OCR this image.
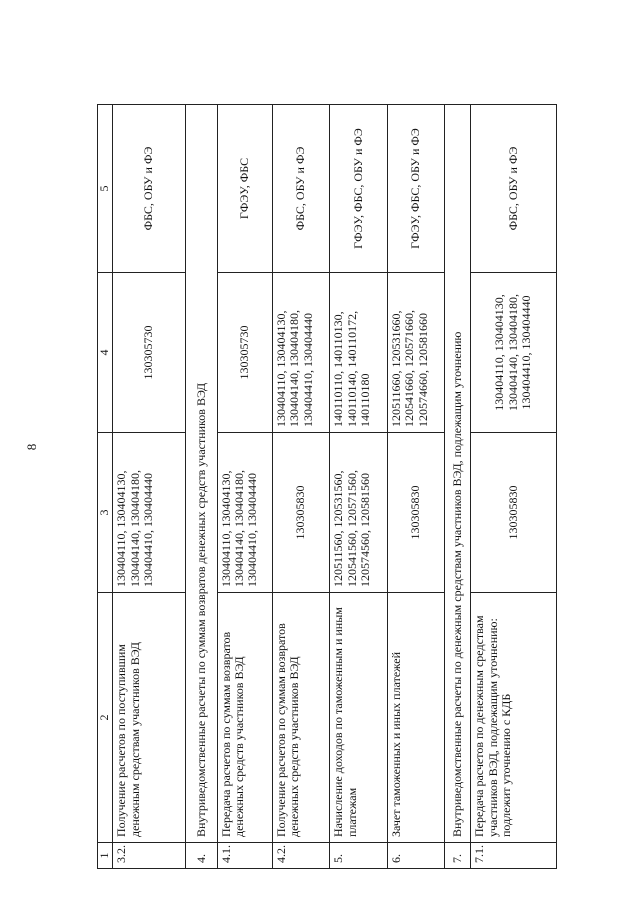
8
1	2	3	4	5
3.2.	Получение расчетов по поступившим денежным средствам участников ВЭД	130404110, 130404130, 130404140, 130404180, 130404410, 130404440	130305730	ФБС, ОБУ и ФЭ
4.	Внутриведомственные расчеты по суммам возвратов денежных средств участников ВЭД			
4.1.	Передача расчетов по суммам возвратов денежных средств участников ВЭД	130404110, 130404130, 130404140, 130404180, 130404410, 130404440	130305730	ГФЭУ, ФБС
4.2.	Получение расчетов по суммам возвратов денежных средств участников ВЭД	130305830	130404110, 130404130, 130404140, 130404180, 130404410, 130404440	ФБС, ОБУ и ФЭ
5.	Начисление доходов по таможенным и иным платежам	120511560, 120531560, 120541560, 120571560, 120574560, 120581560	140110110, 140110130, 140110140, 140110172, 140110180	ГФЭУ, ФБС, ОБУ и ФЭ
6.	Зачет таможенных и иных платежей	130305830	120511660, 120531660, 120541660, 120571660, 120574660, 120581660	ГФЭУ, ФБС, ОБУ и ФЭ
7.	Внутриведомственные расчеты по денежным средствам участников ВЭД, подлежащим уточнению			
7.1.	Передача расчетов по денежным средствам участников ВЭД, подлежащим уточнению: подлежит уточнению с КДБ	130305830	130404110, 130404130, 130404140, 130404180, 130404410, 130404440	ФБС, ОБУ и ФЭ
